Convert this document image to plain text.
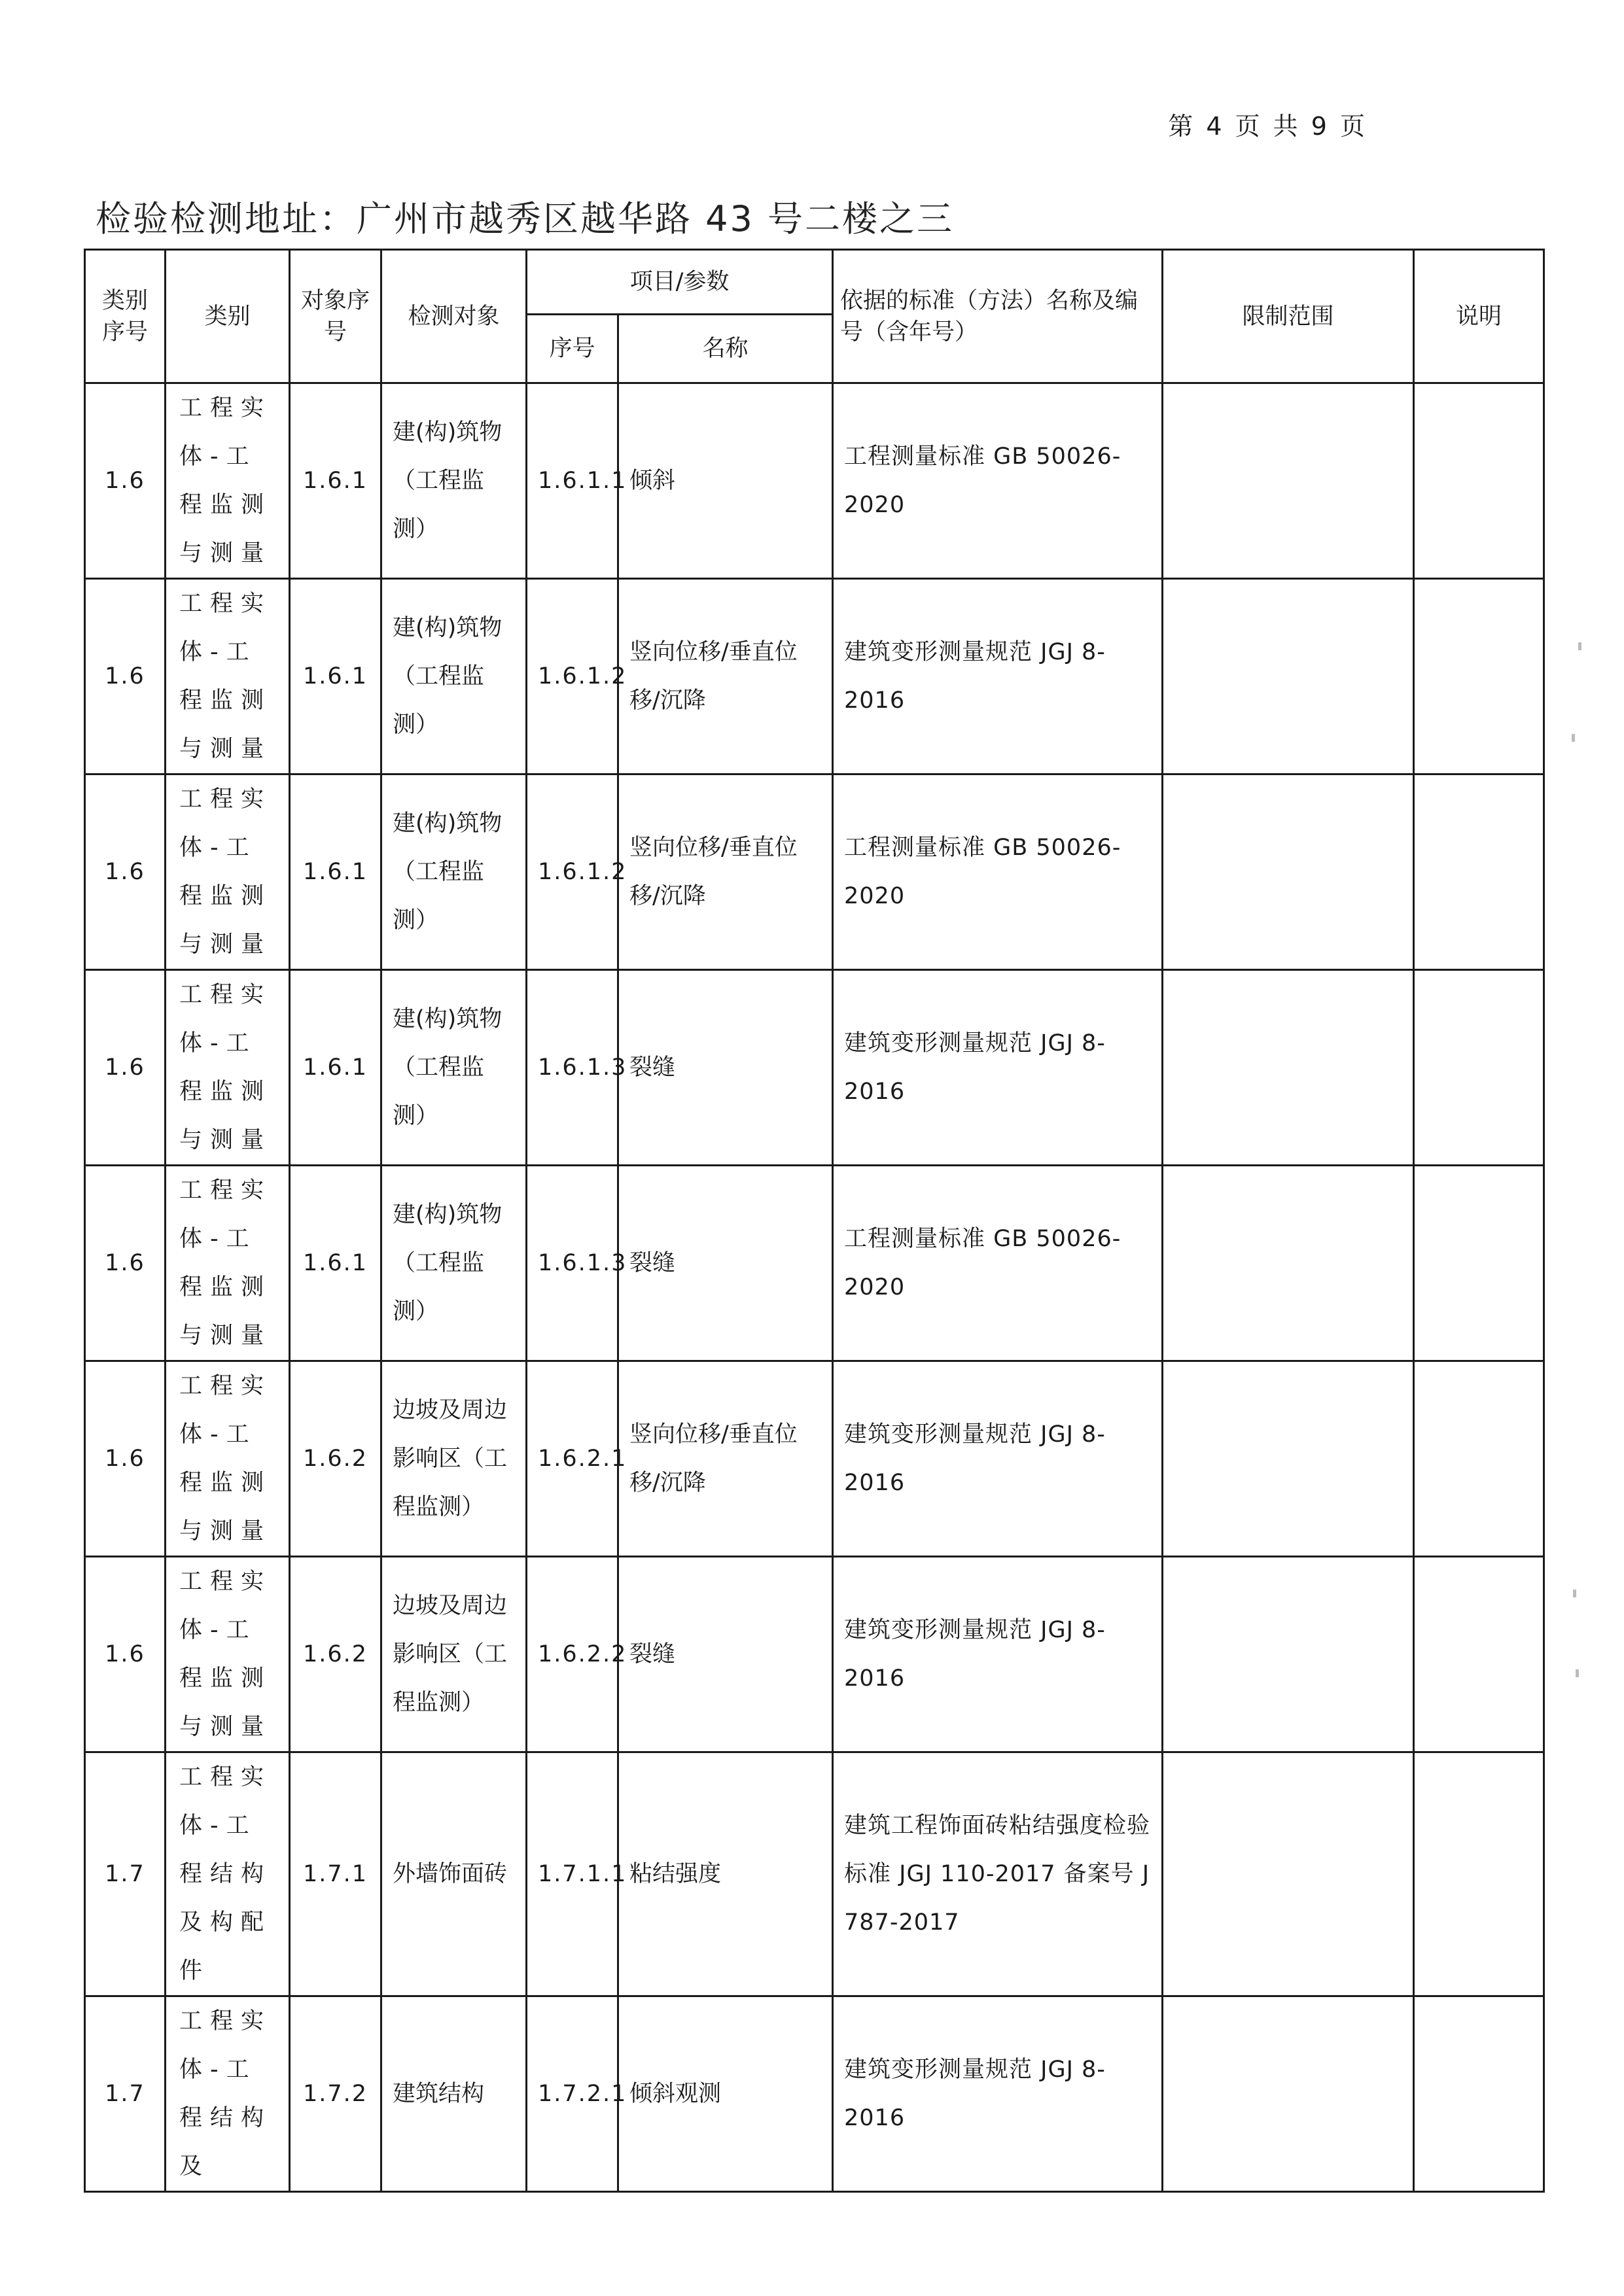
第 4 页 共 9 页
检验检测地址：广州市越秀区越华路 43 号二楼之三
类别序号	类别	对象序号	检测对象	项目/参数		依据的标准（方法）名称及编号（含年号）	限制范围	说明
				序号	名称			
1.6	工程实体-工程监测与测量	1.6.1	建(构)筑物（工程监测）	1.6.1.1	倾斜	工程测量标准 GB 50026-2020		
1.6	工程实体-工程监测与测量	1.6.1	建(构)筑物（工程监测）	1.6.1.2	竖向位移/垂直位移/沉降	建筑变形测量规范 JGJ 8-2016		
1.6	工程实体-工程监测与测量	1.6.1	建(构)筑物（工程监测）	1.6.1.2	竖向位移/垂直位移/沉降	工程测量标准 GB 50026-2020		
1.6	工程实体-工程监测与测量	1.6.1	建(构)筑物（工程监测）	1.6.1.3	裂缝	建筑变形测量规范 JGJ 8-2016		
1.6	工程实体-工程监测与测量	1.6.1	建(构)筑物（工程监测）	1.6.1.3	裂缝	工程测量标准 GB 50026-2020		
1.6	工程实体-工程监测与测量	1.6.2	边坡及周边影响区（工程监测）	1.6.2.1	竖向位移/垂直位移/沉降	建筑变形测量规范 JGJ 8-2016		
1.6	工程实体-工程监测与测量	1.6.2	边坡及周边影响区（工程监测）	1.6.2.2	裂缝	建筑变形测量规范 JGJ 8-2016		
1.7	工程实体-工程结构及构配件	1.7.1	外墙饰面砖	1.7.1.1	粘结强度	建筑工程饰面砖粘结强度检验标准 JGJ 110-2017 备案号 J 787-2017		
1.7	工程实体-工程结构及	1.7.2	建筑结构	1.7.2.1	倾斜观测	建筑变形测量规范 JGJ 8-2016		
